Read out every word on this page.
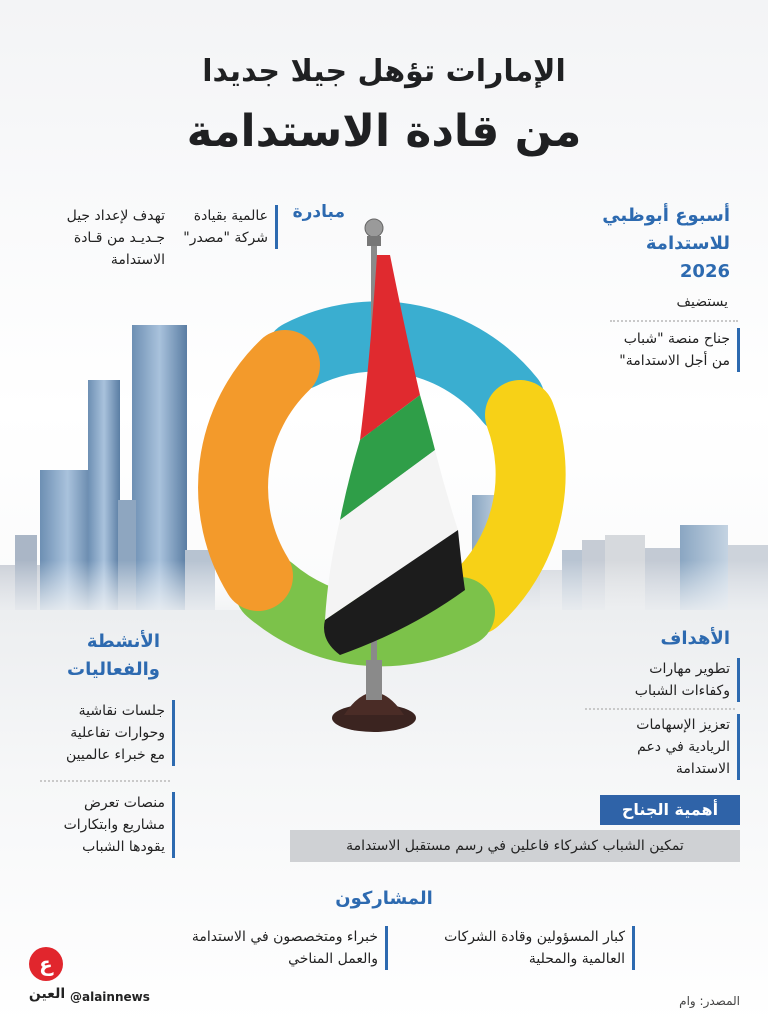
الإمارات تؤهل جيلا جديدا
من قادة الاستدامة
مبادرة
عالمية بقيادة
شركة "مصدر"
تهدف لإعداد جيل
جـديـد من قـادة
الاستدامة
أسبوع أبوظبي
للاستدامة
2026
يستضيف
جناح منصة "شباب
من أجل الاستدامة"
الأنشطة
والفعاليات
جلسات نقاشية
وحوارات تفاعلية
مع خبراء عالميين
منصات تعرض
مشاريع وابتكارات
يقودها الشباب
الأهداف
تطوير مهارات
وكفاءات الشباب
تعزيز الإسهامات
الريادية في دعم
الاستدامة
أهمية الجناح
تمكين الشباب كشركاء فاعلين في رسم مستقبل الاستدامة
المشاركون
كبار المسؤولين وقادة الشركات
العالمية والمحلية
خبراء ومتخصصون في الاستدامة
والعمل المناخي
ع
العين @alainnews	المصدر: وام
